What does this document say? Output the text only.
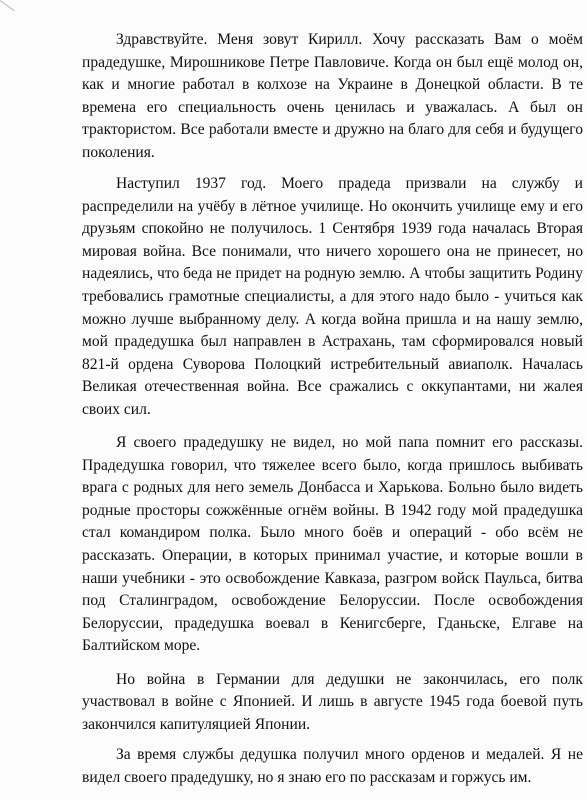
Здравствуйте. Меня зовут Кирилл. Хочу рассказать Вам о моём прадедушке, Мирошникове Петре Павловиче. Когда он был ещё молод он, как и многие работал в колхозе на Украине в Донецкой области. В те времена его специальность очень ценилась и уважалась. А был он трактористом. Все работали вместе и дружно на благо для себя и будущего поколения.

Наступил 1937 год. Моего прадеда призвали на службу и распределили на учёбу в лётное училище. Но окончить училище ему и его друзьям спокойно не получилось. 1 Сентября 1939 года началась Вторая мировая война. Все понимали, что ничего хорошего она не принесет, но надеялись, что беда не придет на родную землю. А чтобы защитить Родину требовались грамотные специалисты, а для этого надо было - учиться как можно лучше выбранному делу. А когда война пришла и на нашу землю, мой прадедушка был направлен в Астрахань, там сформировался новый 821-й ордена Суворова Полоцкий истребительный авиаполк. Началась Великая отечественная война. Все сражались с оккупантами, ни жалея своих сил.

Я своего прадедушку не видел, но мой папа помнит его рассказы. Прадедушка говорил, что тяжелее всего было, когда пришлось выбивать врага с родных для него земель Донбасса и Харькова. Больно было видеть родные просторы сожжённые огнём войны. В 1942 году мой прадедушка стал командиром полка. Было много боёв и операций - обо всём не рассказать. Операции, в которых принимал участие, и которые вошли в наши учебники - это освобождение Кавказа, разгром войск Паульса, битва под Сталинградом, освобождение Белоруссии. После освобождения Белоруссии, прадедушка воевал в Кенигсберге, Гданьске, Елгаве на Балтийском море.

Но война в Германии для дедушки не закончилась, его полк участвовал в войне с Японией. И лишь в августе 1945 года боевой путь закончился капитуляцией Японии.

За время службы дедушка получил много орденов и медалей. Я не видел своего прадедушку, но я знаю его по рассказам и горжусь им.
